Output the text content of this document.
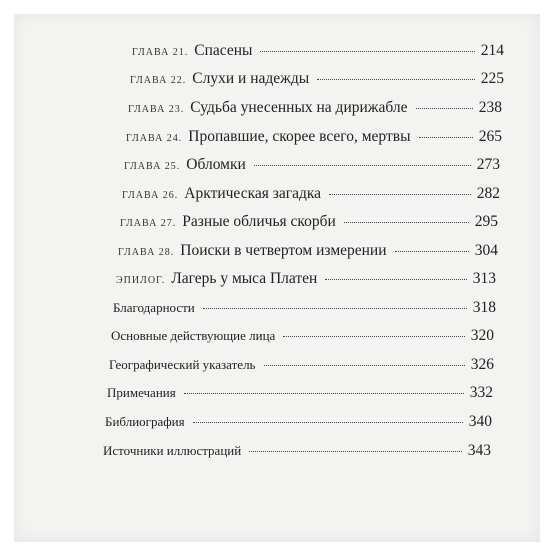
ГЛАВА 21. Спасены	214
ГЛАВА 22. Слухи и надежды	225
ГЛАВА 23. Судьба унесенных на дирижабле	238
ГЛАВА 24. Пропавшие, скорее всего, мертвы	265
ГЛАВА 25. Обломки	273
ГЛАВА 26. Арктическая загадка	282
ГЛАВА 27. Разные обличья скорби	295
ГЛАВА 28. Поиски в четвертом измерении	304
ЭПИЛОГ. Лагерь у мыса Платен	313
Благодарности	318
Основные действующие лица	320
Географический указатель	326
Примечания	332
Библиография	340
Источники иллюстраций	343
